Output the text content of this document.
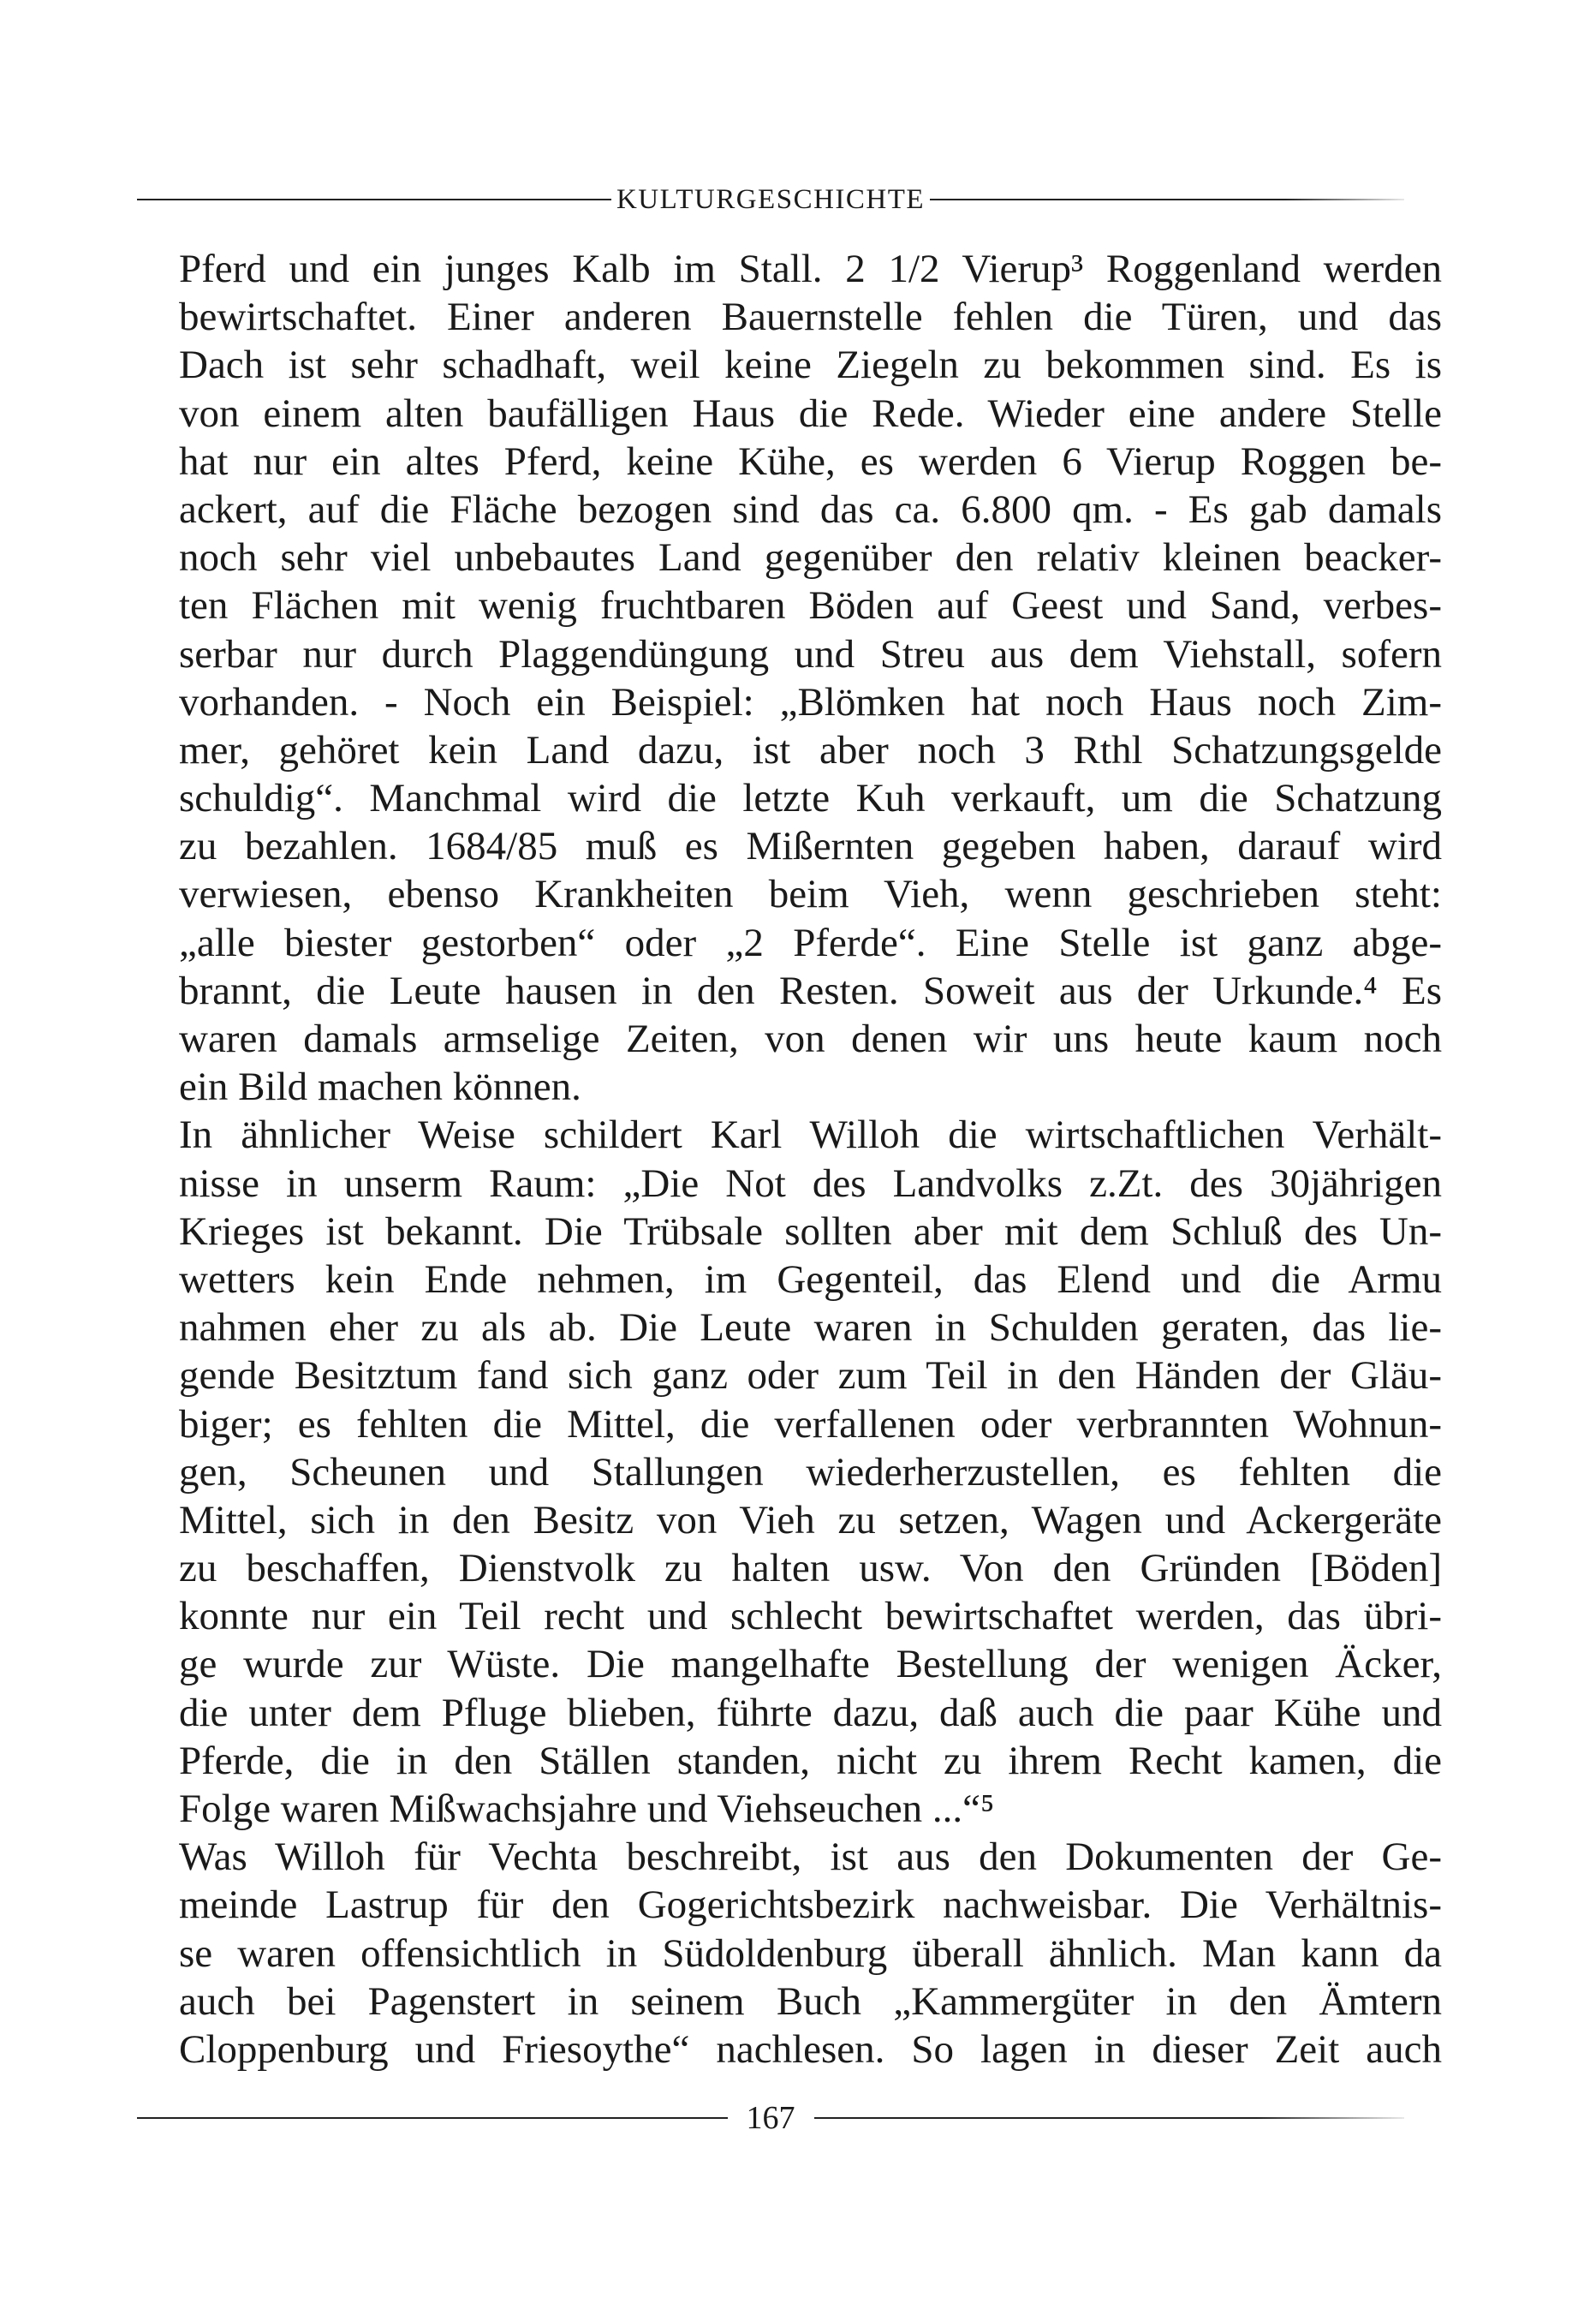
KULTURGESCHICHTE
Pferd und ein junges Kalb im Stall. 2 1/2 Vierup³ Roggenland werden
bewirtschaftet. Einer anderen Bauernstelle fehlen die Türen, und das
Dach ist sehr schadhaft, weil keine Ziegeln zu bekommen sind. Es is
von einem alten baufälligen Haus die Rede. Wieder eine andere Stelle
hat nur ein altes Pferd, keine Kühe, es werden 6 Vierup Roggen be-
ackert, auf die Fläche bezogen sind das ca. 6.800 qm. - Es gab damals
noch sehr viel unbebautes Land gegenüber den relativ kleinen beacker-
ten Flächen mit wenig fruchtbaren Böden auf Geest und Sand, verbes-
serbar nur durch Plaggendüngung und Streu aus dem Viehstall, sofern
vorhanden. - Noch ein Beispiel: „Blömken hat noch Haus noch Zim-
mer, gehöret kein Land dazu, ist aber noch 3 Rthl Schatzungsgelde
schuldig“. Manchmal wird die letzte Kuh verkauft, um die Schatzung
zu bezahlen. 1684/85 muß es Mißernten gegeben haben, darauf wird
verwiesen, ebenso Krankheiten beim Vieh, wenn geschrieben steht:
„alle biester gestorben“ oder „2 Pferde“. Eine Stelle ist ganz abge-
brannt, die Leute hausen in den Resten. Soweit aus der Urkunde.⁴ Es
waren damals armselige Zeiten, von denen wir uns heute kaum noch
ein Bild machen können.
In ähnlicher Weise schildert Karl Willoh die wirtschaftlichen Verhält-
nisse in unserm Raum: „Die Not des Landvolks z.Zt. des 30jährigen
Krieges ist bekannt. Die Trübsale sollten aber mit dem Schluß des Un-
wetters kein Ende nehmen, im Gegenteil, das Elend und die Armu
nahmen eher zu als ab. Die Leute waren in Schulden geraten, das lie-
gende Besitztum fand sich ganz oder zum Teil in den Händen der Gläu-
biger; es fehlten die Mittel, die verfallenen oder verbrannten Wohnun-
gen, Scheunen und Stallungen wiederherzustellen, es fehlten die
Mittel, sich in den Besitz von Vieh zu setzen, Wagen und Ackergeräte
zu beschaffen, Dienstvolk zu halten usw. Von den Gründen [Böden]
konnte nur ein Teil recht und schlecht bewirtschaftet werden, das übri-
ge wurde zur Wüste. Die mangelhafte Bestellung der wenigen Äcker,
die unter dem Pfluge blieben, führte dazu, daß auch die paar Kühe und
Pferde, die in den Ställen standen, nicht zu ihrem Recht kamen, die
Folge waren Mißwachsjahre und Viehseuchen ...“⁵
Was Willoh für Vechta beschreibt, ist aus den Dokumenten der Ge-
meinde Lastrup für den Gogerichtsbezirk nachweisbar. Die Verhältnis-
se waren offensichtlich in Südoldenburg überall ähnlich. Man kann da
auch bei Pagenstert in seinem Buch „Kammergüter in den Ämtern
Cloppenburg und Friesoythe“ nachlesen. So lagen in dieser Zeit auch
167
